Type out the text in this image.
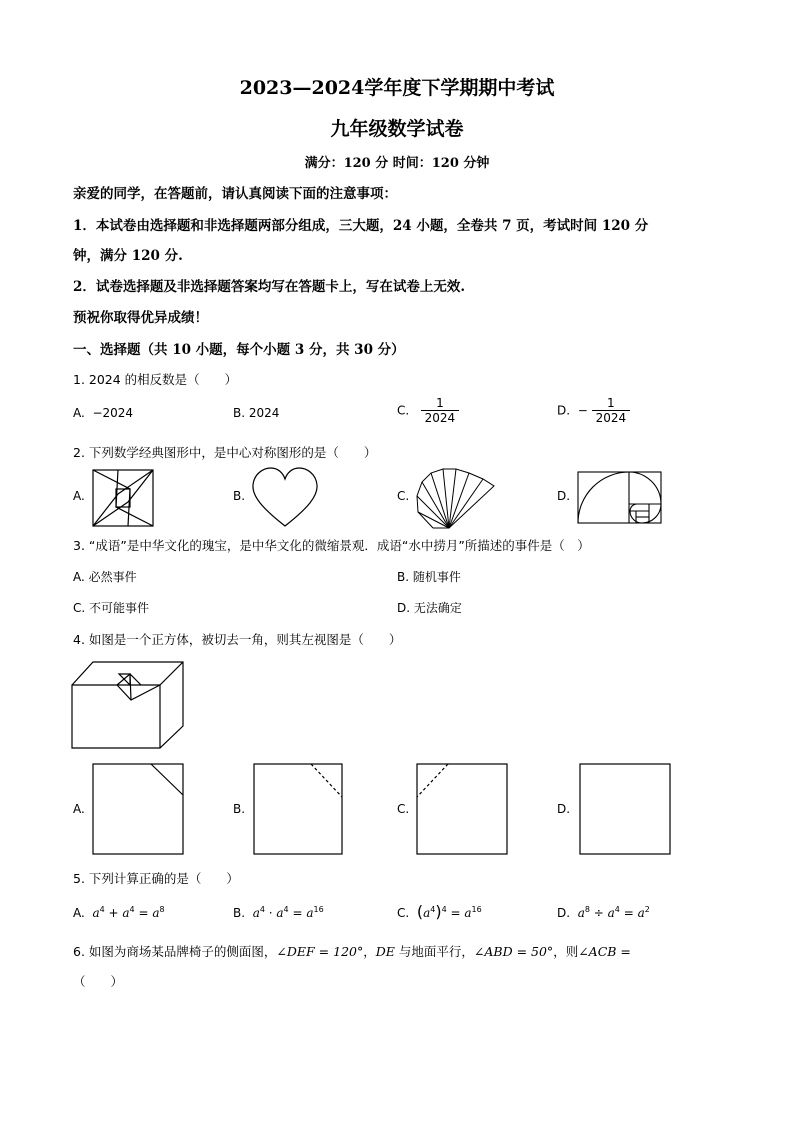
2023—2024学年度下学期期中考试
九年级数学试卷
满分：120 分 时间：120 分钟
亲爱的同学，在答题前，请认真阅读下面的注意事项：
1．本试卷由选择题和非选择题两部分组成，三大题，24 小题，全卷共 7 页，考试时间 120 分
钟，满分 120 分.
2．试卷选择题及非选择题答案均写在答题卡上，写在试卷上无效.
预祝你取得优异成绩！
一、选择题（共 10 小题，每个小题 3 分，共 30 分）
1. 2024 的相反数是（　　）
A. −2024	B. 2024	C. $\frac{1}{2024}$	D. − $\frac{1}{2024}$
2. 下列数学经典图形中，是中心对称图形的是（　　）
A.	B.	C.	D.
3. “成语”是中华文化的瑰宝，是中华文化的微缩景观．成语“水中捞月”所描述的事件是（　）
A. 必然事件	B. 随机事件
C. 不可能事件	D. 无法确定
4. 如图是一个正方体，被切去一角，则其左视图是（　　）
A.	B.	C.	D.
5. 下列计算正确的是（　　）
A. $a^4 + a^4 = a^8$	B. $a^4 \cdot a^4 = a^{16}$	C. $(a^4)^4 = a^{16}$	D. $a^8 \div a^4 = a^2$
6. 如图为商场某品牌椅子的侧面图，∠DEF = 120°，DE 与地面平行，∠ABD = 50°，则∠ACB =
（　　）
